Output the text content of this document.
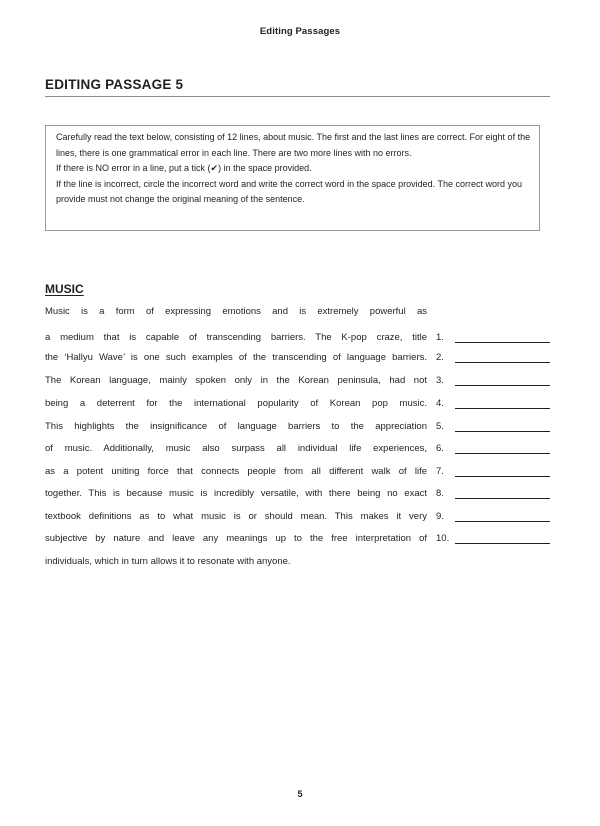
Editing Passages
EDITING PASSAGE 5

Carefully read the text below, consisting of 12 lines, about music. The first and the last lines are correct. For eight of the lines, there is one grammatical error in each line. There are two more lines with no errors.

If there is NO error in a line, put a tick (✔) in the space provided.

If the line is incorrect, circle the incorrect word and write the correct word in the space provided. The correct word you provide must not change the original meaning of the sentence.

MUSIC
Music is a form of expressing emotions and is extremely powerful as
a medium that is capable of transcending barriers. The K-pop craze, title 1.
the ‘Hallyu Wave’ is one such examples of the transcending of language barriers. 2.
The Korean language, mainly spoken only in the Korean peninsula, had not 3.
being a deterrent for the international popularity of Korean pop music. 4.
This highlights the insignificance of language barriers to the appreciation 5.
of music. Additionally, music also surpass all individual life experiences, 6.
as a potent uniting force that connects people from all different walk of life 7.
together. This is because music is incredibly versatile, with there being no exact 8.
textbook definitions as to what music is or should mean. This makes it very 9.
subjective by nature and leave any meanings up to the free interpretation of 10.
individuals, which in turn allows it to resonate with anyone.
5
